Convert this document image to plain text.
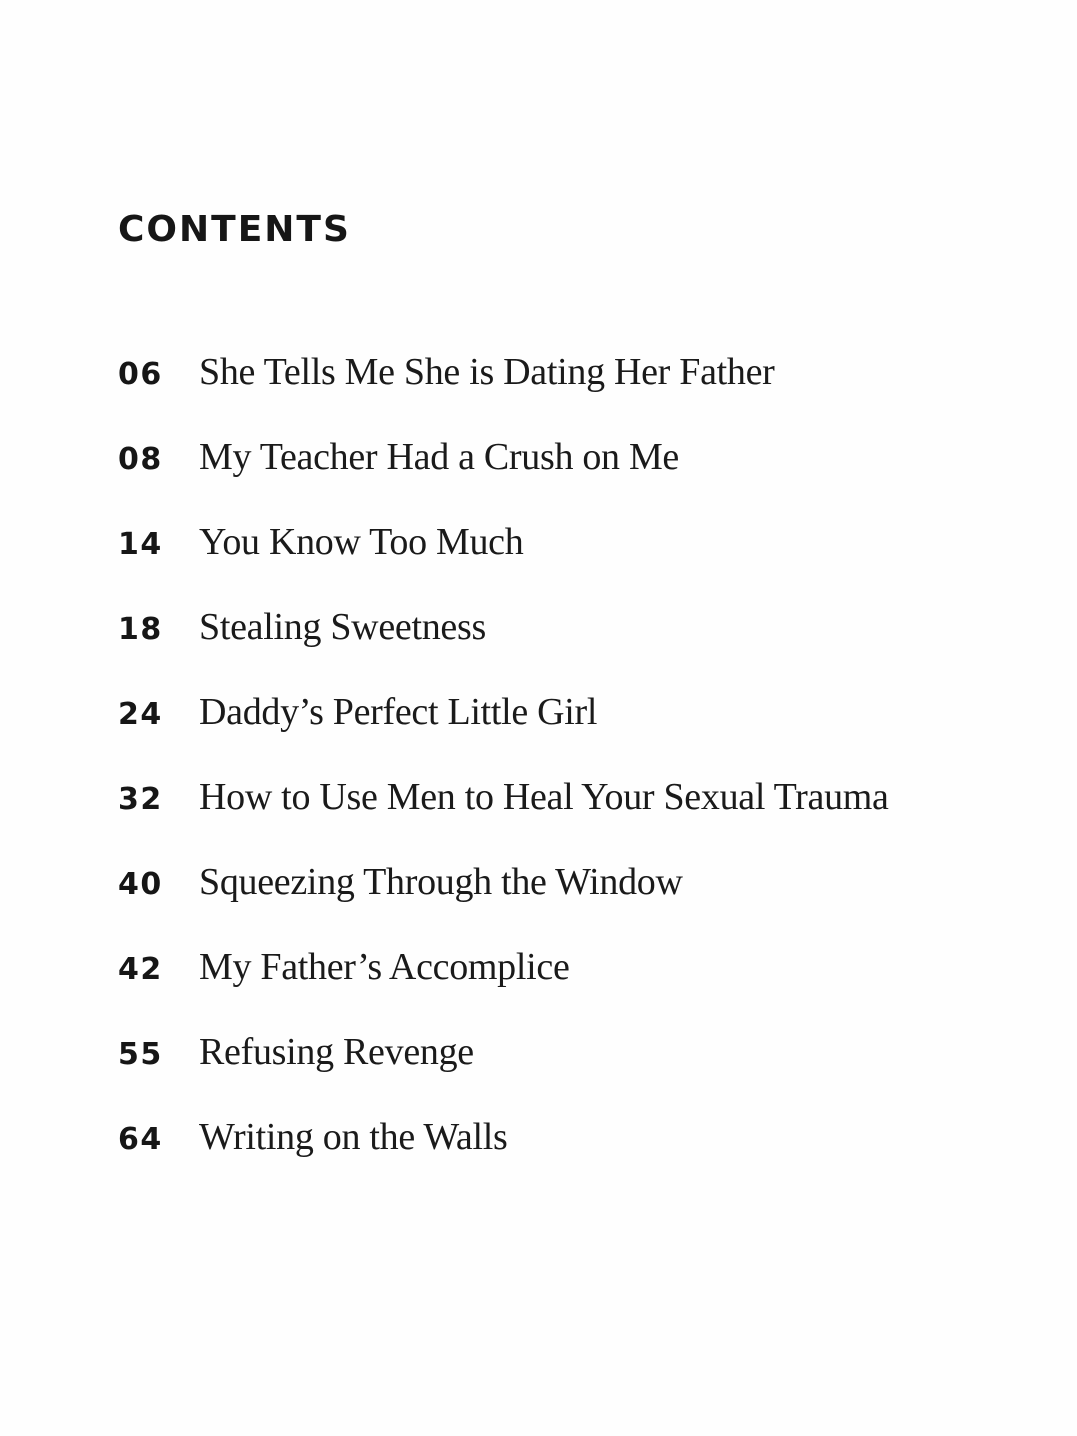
CONTENTS
06 She Tells Me She is Dating Her Father
08 My Teacher Had a Crush on Me
14 You Know Too Much
18 Stealing Sweetness
24 Daddy’s Perfect Little Girl
32 How to Use Men to Heal Your Sexual Trauma
40 Squeezing Through the Window
42 My Father’s Accomplice
55 Refusing Revenge
64 Writing on the Walls
